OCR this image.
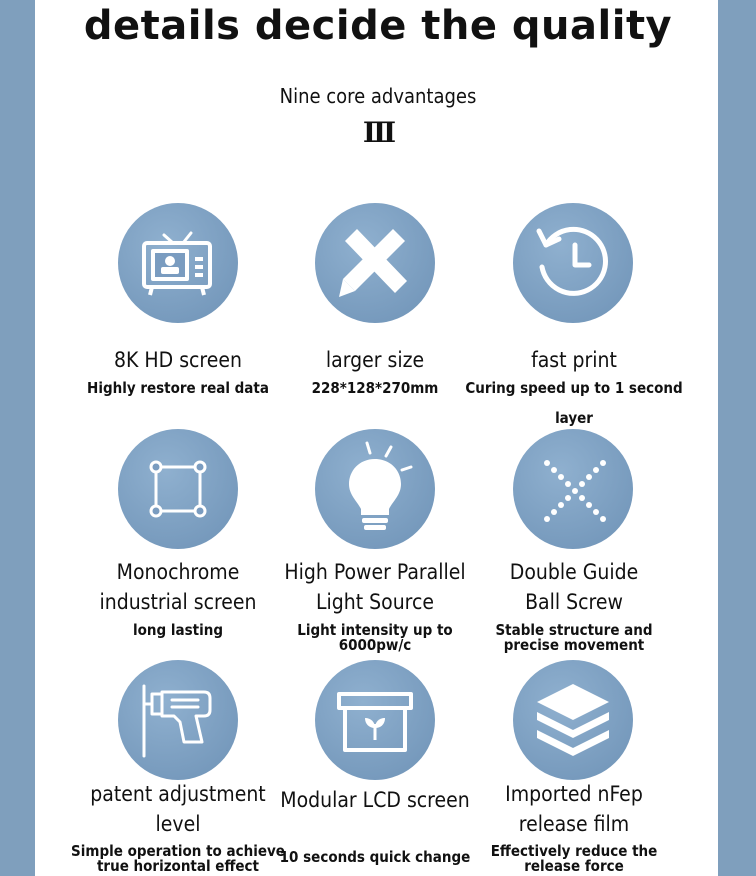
details decide the quality
Nine core advantages
III
8K HD screen
Highly restore real data
larger size
228*128*270mm
fast print
Curing speed up to 1 second
layer
Monochrome
industrial screen
long lasting
High Power Parallel
Light Source
Light intensity up to 6000pw/c
Double Guide
Ball Screw
Stable structure and
precise movement
patent adjustment
level
Simple operation to achieve
true horizontal effect
Modular LCD screen
10 seconds quick change
Imported nFep
release film
Effectively reduce the
release force
